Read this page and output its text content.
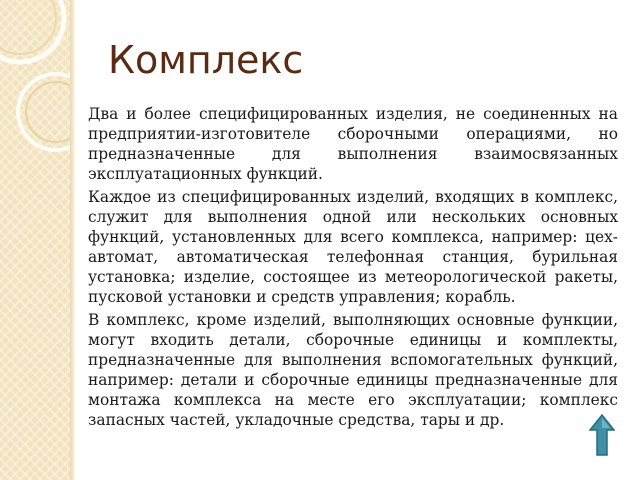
Комплекс

Два и более специфицированных изделия, не соединенных на предприятии-изготовителе сборочными операциями, но предназначенные для выполнения взаимосвязанных эксплуатационных функций.

Каждое из специфицированных изделий, входящих в комплекс, служит для выполнения одной или нескольких основных функций, установленных для всего комплекса, например: цех-автомат, автоматическая телефонная станция, бурильная установка; изделие, состоящее из метеорологической ракеты, пусковой установки и средств управления; корабль.

В комплекс, кроме изделий, выполняющих основные функции, могут входить детали, сборочные единицы и комплекты, предназначенные для выполнения вспомогательных функций, например: детали и сборочные единицы предназначенные для монтажа комплекса на месте его эксплуатации; комплекс запасных частей, укладочные средства, тары и др.
